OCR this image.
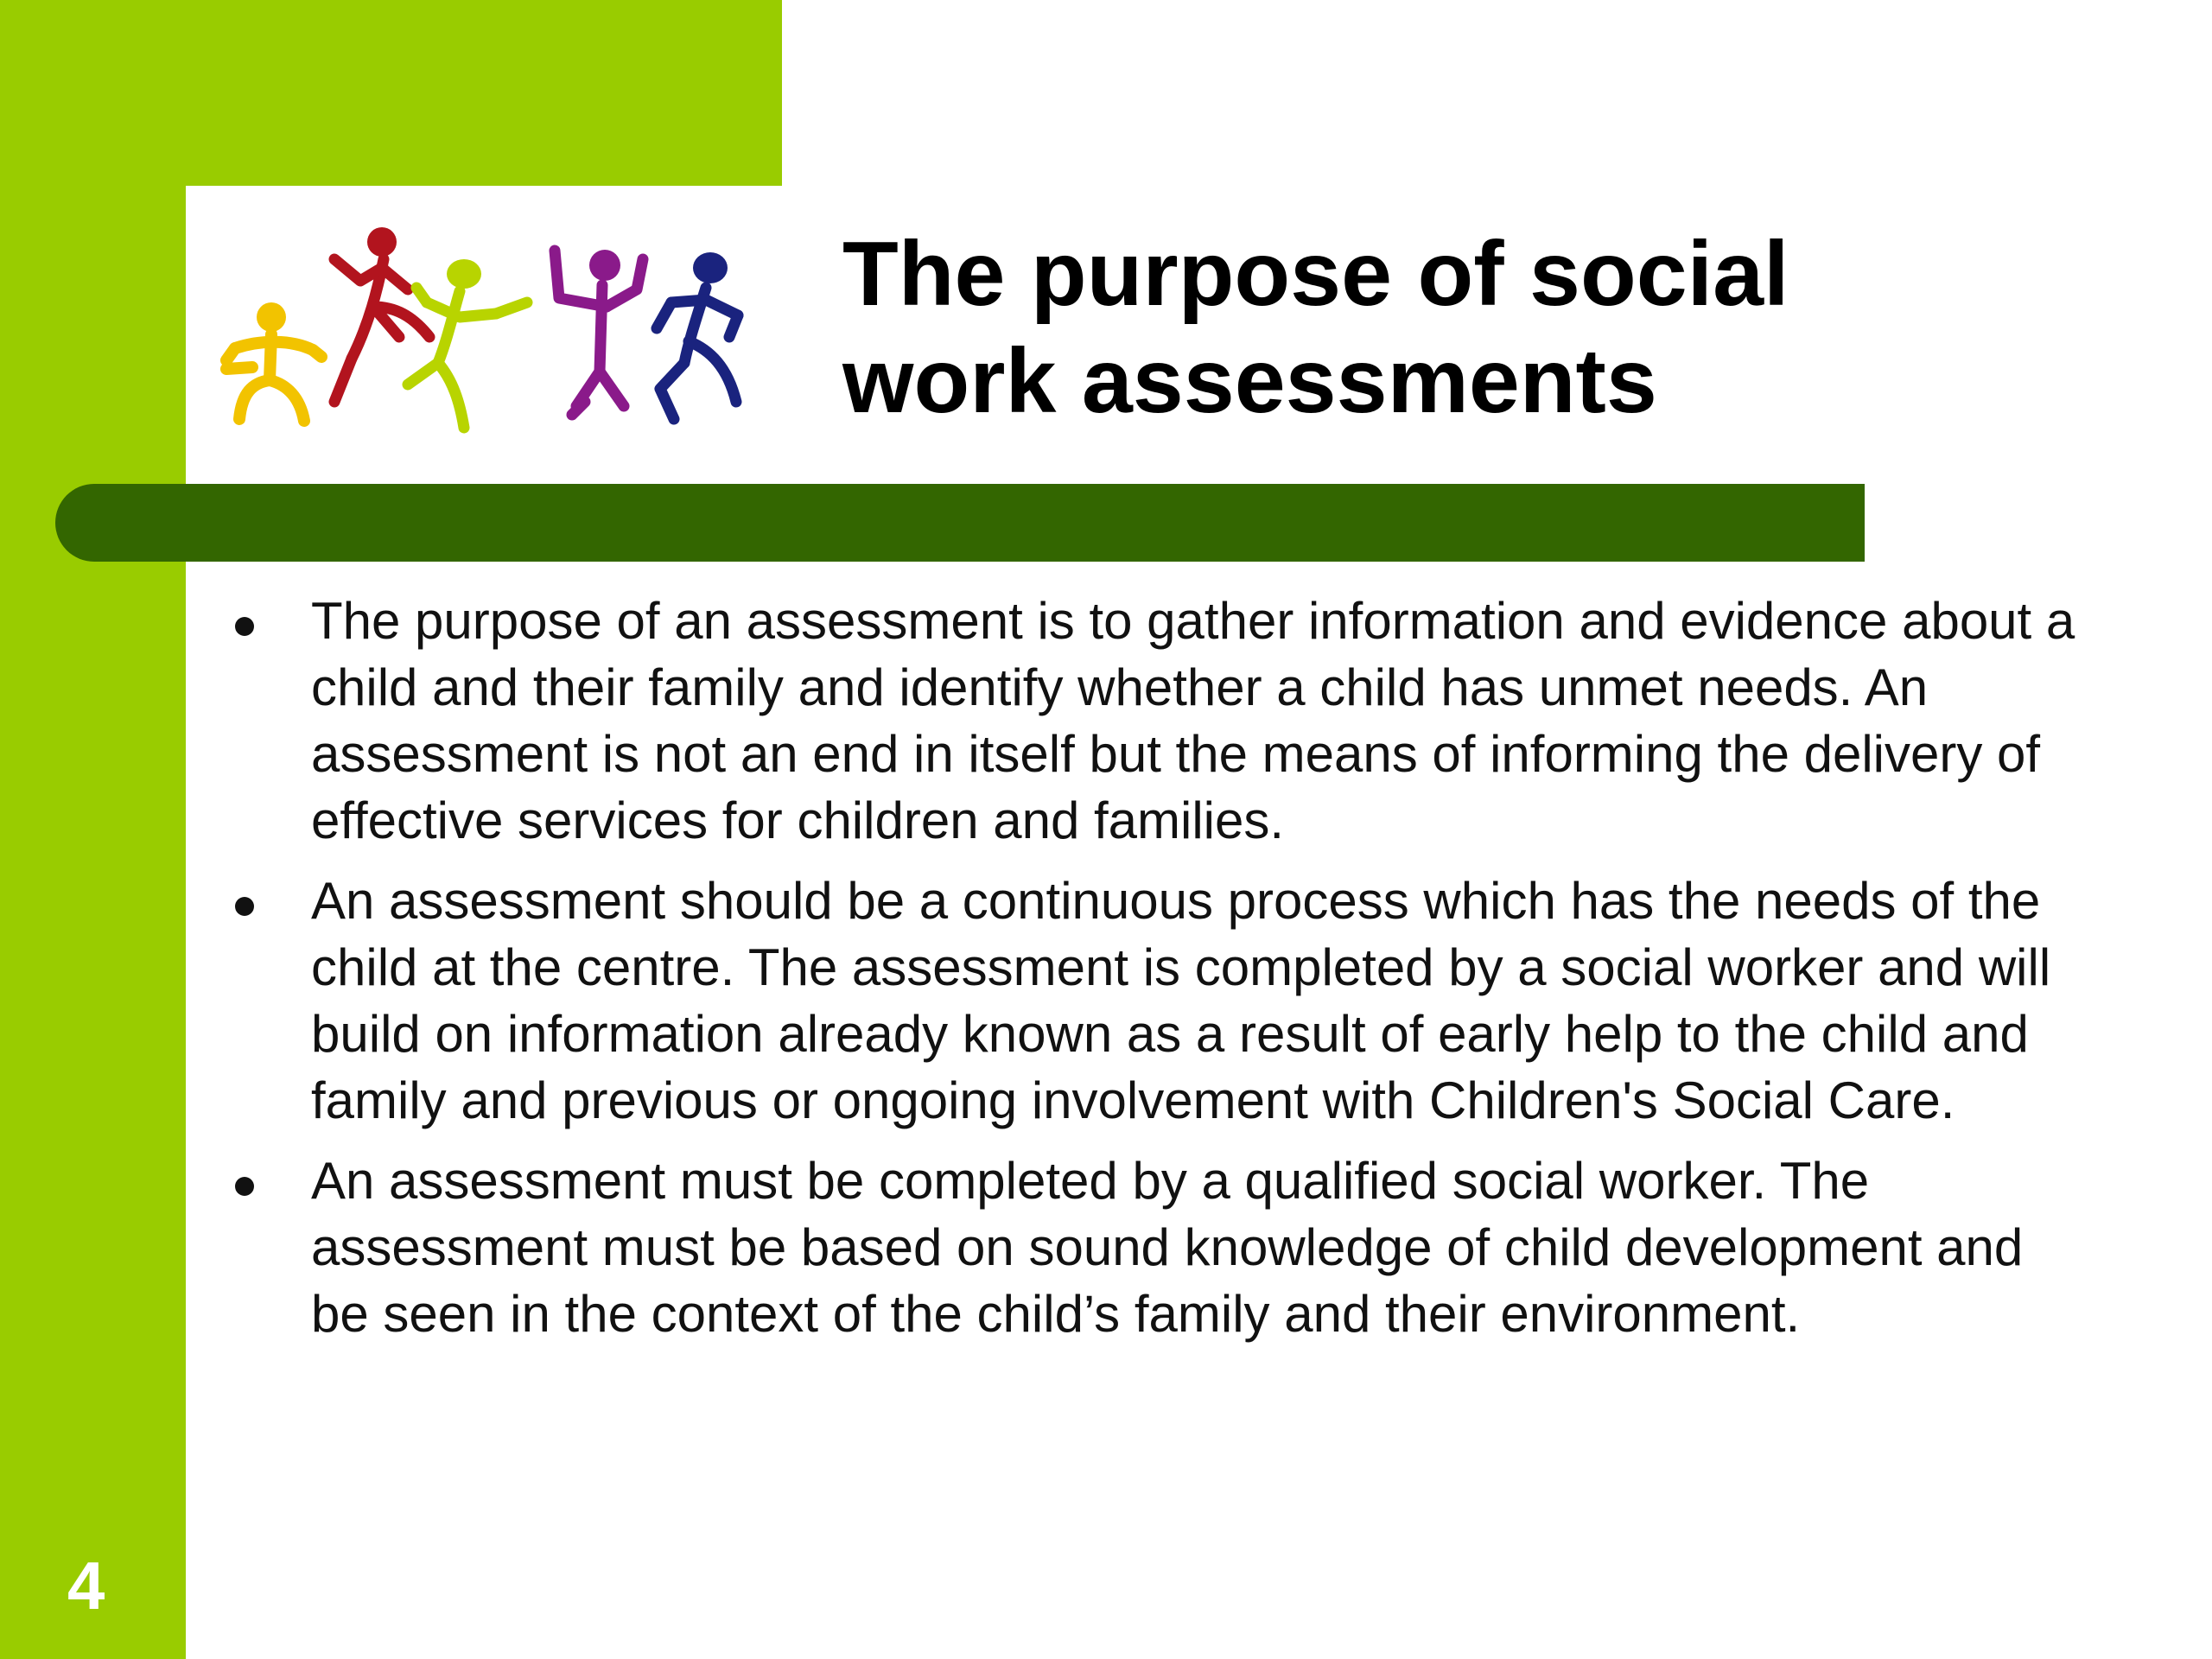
The purpose of social work assessments
The purpose of an assessment is to gather information and evidence about a child and their family and identify whether a child has unmet needs. An assessment is not an end in itself but the means of informing the delivery of effective services for children and families.
An assessment should be a continuous process which has the needs of the child at the centre. The assessment is completed by a social worker and will build on information already known as a result of early help to the child and family and previous or ongoing involvement with Children's Social Care.
An assessment must be completed by a qualified social worker. The assessment must be based on sound knowledge of child development and be seen in the context of the child’s family and their environment.
4
